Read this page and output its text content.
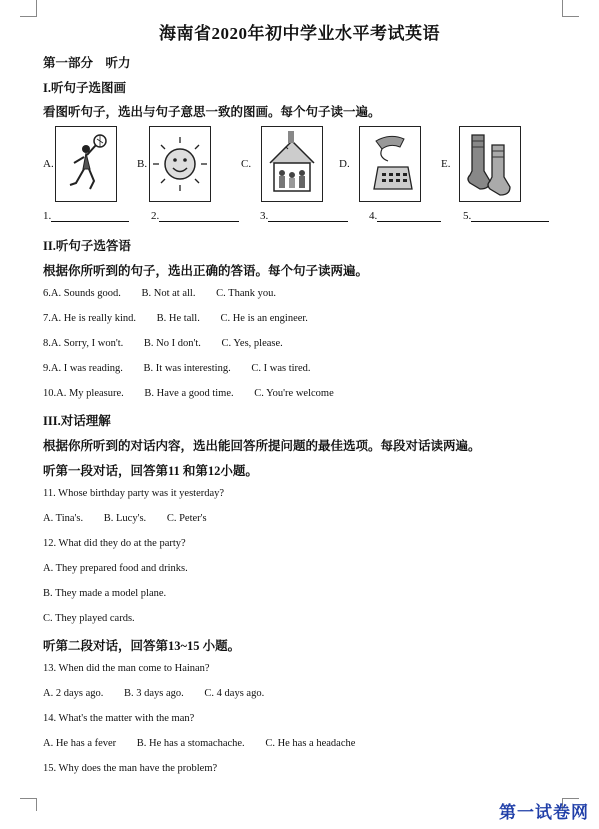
海南省2020年初中学业水平考试英语
第一部分　听力
I.听句子选图画
看图听句子，选出与句子意思一致的图画。每个句子读一遍。
A.	B.	C.	D.	E.
1.	2.	3.	4.	5.
II.听句子选答语
根据你所听到的句子，选出正确的答语。每个句子读两遍。
6.A. Sounds good. B. Not at all. C. Thank you.
7.A. He is really kind. B. He tall. C. He is an engineer.
8.A. Sorry, I won't. B. No I don't. C. Yes, please.
9.A. I was reading. B. It was interesting. C. I was tired.
10.A. My pleasure. B. Have a good time. C. You're welcome
III.对话理解
根据你所听到的对话内容，选出能回答所提问题的最佳选项。每段对话读两遍。
听第一段对话，回答第11 和第12小题。
11. Whose birthday party was it yesterday?
A. Tina's. B. Lucy's. C. Peter's
12. What did they do at the party?
A. They prepared food and drinks.
B. They made a model plane.
C. They played cards.
听第二段对话，回答第13~15 小题。
13. When did the man come to Hainan?
A. 2 days ago. B. 3 days ago. C. 4 days ago.
14. What's the matter with the man?
A. He has a fever B. He has a stomachache. C. He has a headache
15. Why does the man have the problem?
第一试卷网
